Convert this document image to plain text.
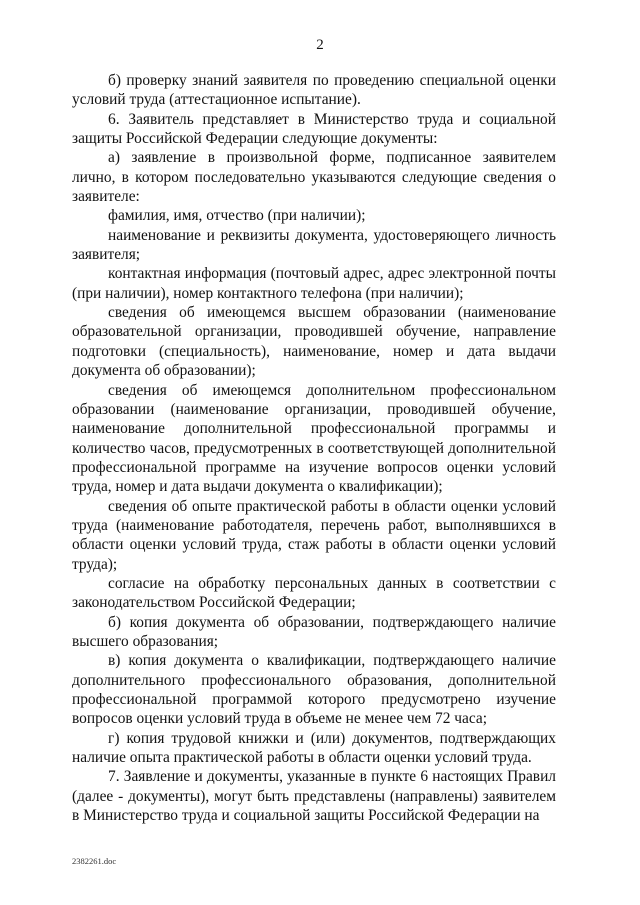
2

б) проверку знаний заявителя по проведению специальной оценки условий труда (аттестационное испытание).

6. Заявитель представляет в Министерство труда и социальной защиты Российской Федерации следующие документы:

а) заявление в произвольной форме, подписанное заявителем лично, в котором последовательно указываются следующие сведения о заявителе:

фамилия, имя, отчество (при наличии);

наименование и реквизиты документа, удостоверяющего личность заявителя;

контактная информация (почтовый адрес, адрес электронной почты (при наличии), номер контактного телефона (при наличии);

сведения об имеющемся высшем образовании (наименование образовательной организации, проводившей обучение, направление подготовки (специальность), наименование, номер и дата выдачи документа об образовании);

сведения об имеющемся дополнительном профессиональном образовании (наименование организации, проводившей обучение, наименование дополнительной профессиональной программы и количество часов, предусмотренных в соответствующей дополнительной профессиональной программе на изучение вопросов оценки условий труда, номер и дата выдачи документа о квалификации);

сведения об опыте практической работы в области оценки условий труда (наименование работодателя, перечень работ, выполнявшихся в области оценки условий труда, стаж работы в области оценки условий труда);

согласие на обработку персональных данных в соответствии с законодательством Российской Федерации;

б) копия документа об образовании, подтверждающего наличие высшего образования;

в) копия документа о квалификации, подтверждающего наличие дополнительного профессионального образования, дополнительной профессиональной программой которого предусмотрено изучение вопросов оценки условий труда в объеме не менее чем 72 часа;

г) копия трудовой книжки и (или) документов, подтверждающих наличие опыта практической работы в области оценки условий труда.

7. Заявление и документы, указанные в пункте 6 настоящих Правил (далее - документы), могут быть представлены (направлены) заявителем в Министерство труда и социальной защиты Российской Федерации на

2382261.doc
